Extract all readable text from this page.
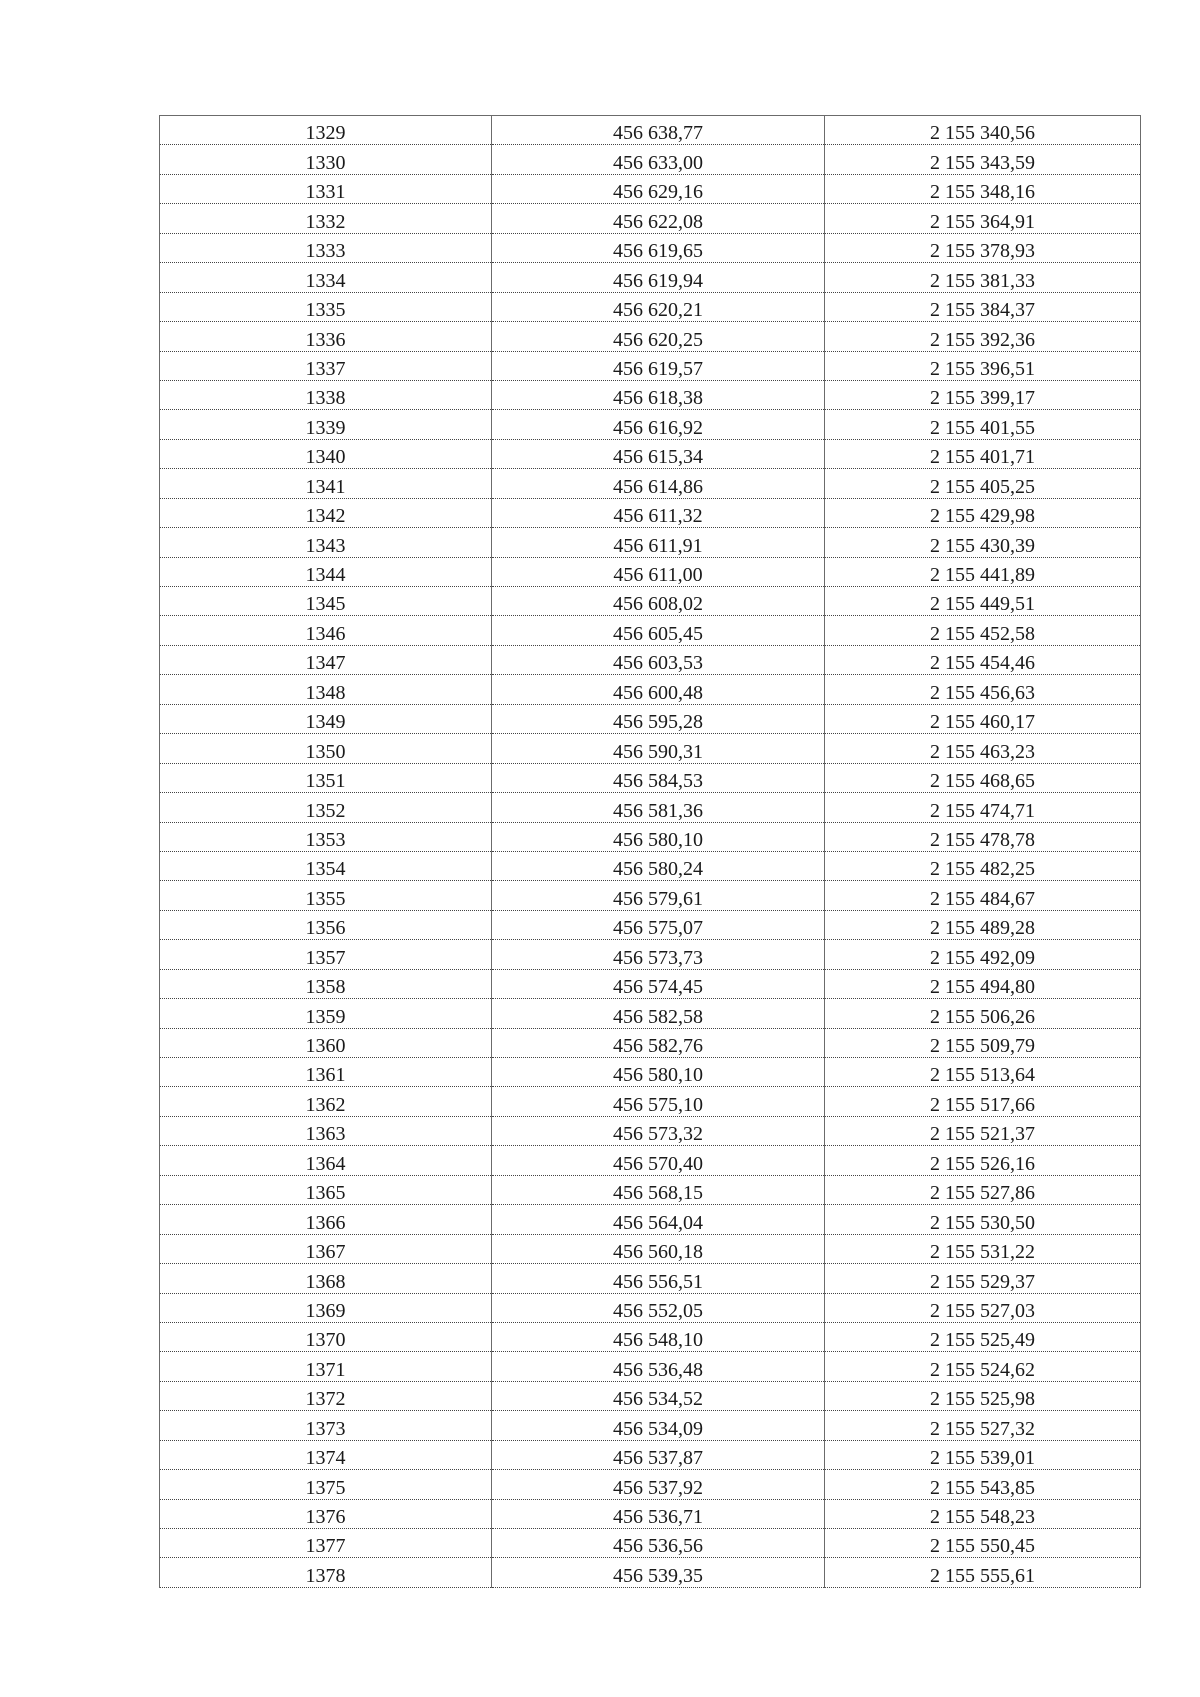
1329	456 638,77	2 155 340,56
1330	456 633,00	2 155 343,59
1331	456 629,16	2 155 348,16
1332	456 622,08	2 155 364,91
1333	456 619,65	2 155 378,93
1334	456 619,94	2 155 381,33
1335	456 620,21	2 155 384,37
1336	456 620,25	2 155 392,36
1337	456 619,57	2 155 396,51
1338	456 618,38	2 155 399,17
1339	456 616,92	2 155 401,55
1340	456 615,34	2 155 401,71
1341	456 614,86	2 155 405,25
1342	456 611,32	2 155 429,98
1343	456 611,91	2 155 430,39
1344	456 611,00	2 155 441,89
1345	456 608,02	2 155 449,51
1346	456 605,45	2 155 452,58
1347	456 603,53	2 155 454,46
1348	456 600,48	2 155 456,63
1349	456 595,28	2 155 460,17
1350	456 590,31	2 155 463,23
1351	456 584,53	2 155 468,65
1352	456 581,36	2 155 474,71
1353	456 580,10	2 155 478,78
1354	456 580,24	2 155 482,25
1355	456 579,61	2 155 484,67
1356	456 575,07	2 155 489,28
1357	456 573,73	2 155 492,09
1358	456 574,45	2 155 494,80
1359	456 582,58	2 155 506,26
1360	456 582,76	2 155 509,79
1361	456 580,10	2 155 513,64
1362	456 575,10	2 155 517,66
1363	456 573,32	2 155 521,37
1364	456 570,40	2 155 526,16
1365	456 568,15	2 155 527,86
1366	456 564,04	2 155 530,50
1367	456 560,18	2 155 531,22
1368	456 556,51	2 155 529,37
1369	456 552,05	2 155 527,03
1370	456 548,10	2 155 525,49
1371	456 536,48	2 155 524,62
1372	456 534,52	2 155 525,98
1373	456 534,09	2 155 527,32
1374	456 537,87	2 155 539,01
1375	456 537,92	2 155 543,85
1376	456 536,71	2 155 548,23
1377	456 536,56	2 155 550,45
1378	456 539,35	2 155 555,61
